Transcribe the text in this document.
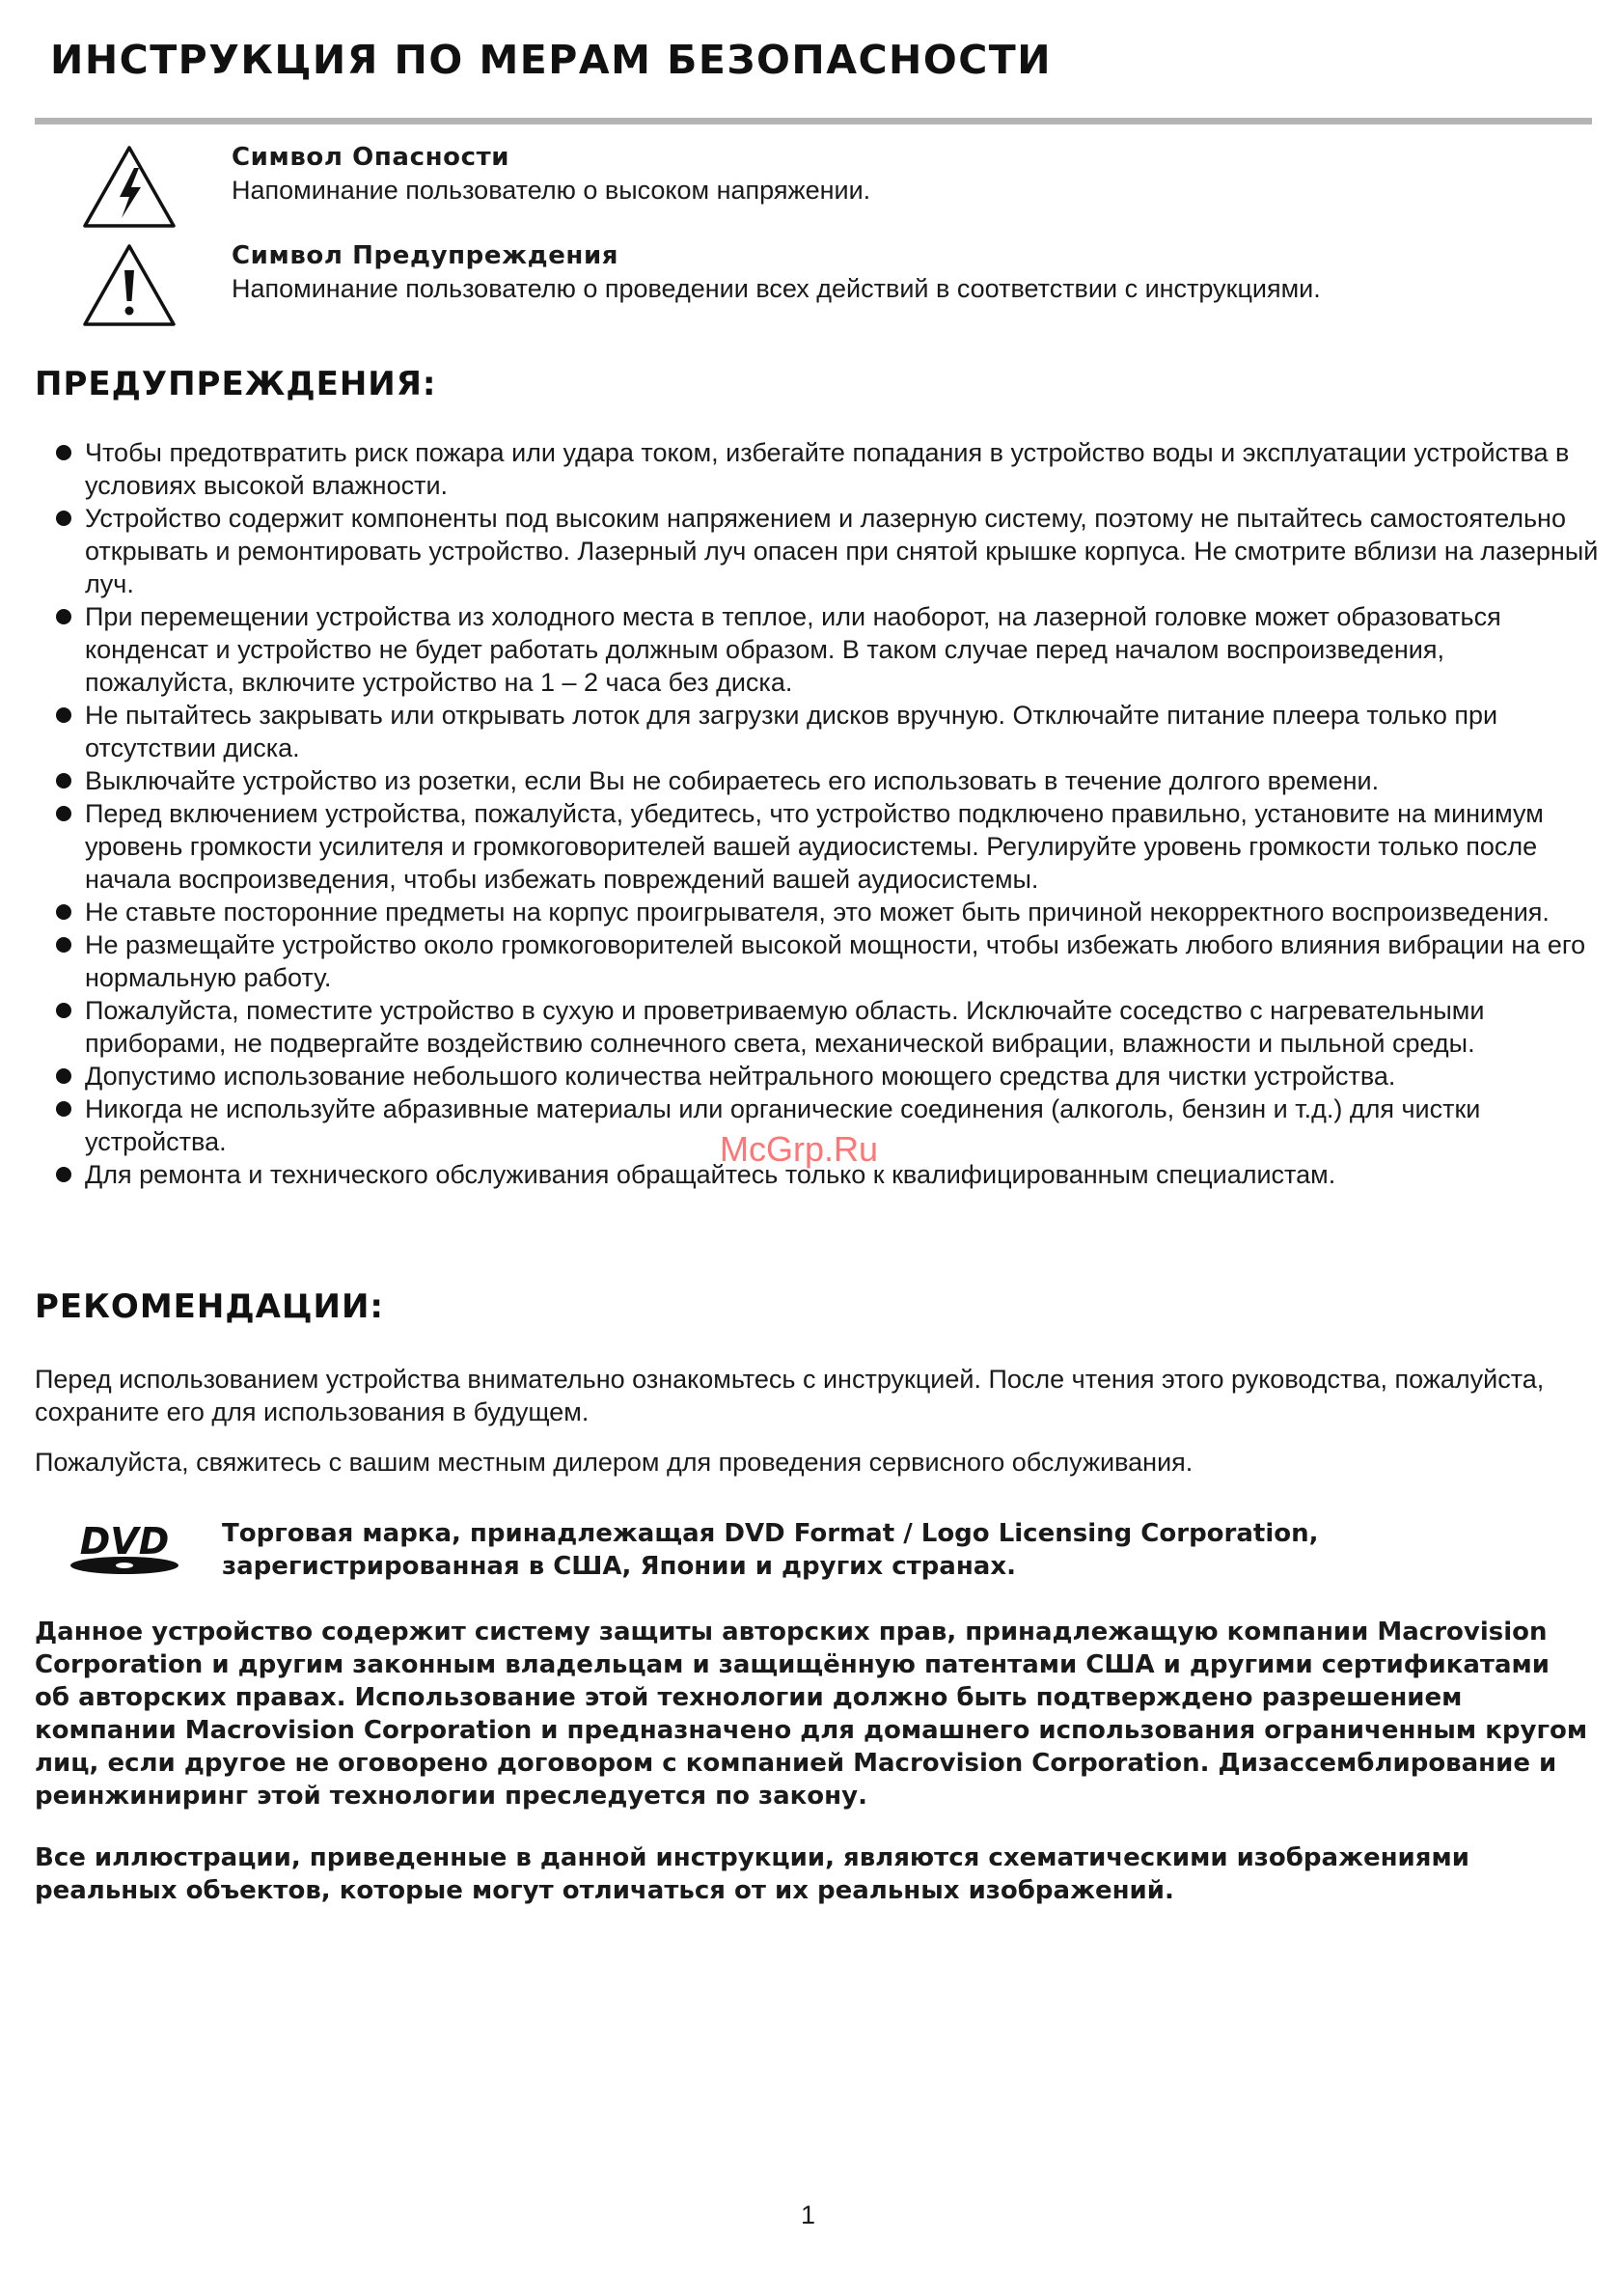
ИНСТРУКЦИЯ ПО МЕРАМ БЕЗОПАСНОСТИ

Символ Опасности

Напоминание пользователю о высоком напряжении.

Символ Предупреждения

Напоминание пользователю о проведении всех действий в соответствии с инструкциями.

ПРЕДУПРЕЖДЕНИЯ:
Чтобы предотвратить риск пожара или удара током, избегайте попадания в устройство воды и эксплуатации устройства в условиях высокой влажности.
Устройство содержит компоненты под высоким напряжением и лазерную систему, поэтому не пытайтесь самостоятельно открывать и ремонтировать устройство. Лазерный луч опасен при снятой крышке корпуса. Не смотрите вблизи на лазерный луч.
При перемещении устройства из холодного места в теплое, или наоборот, на лазерной головке может образоваться конденсат и устройство не будет работать должным образом. В таком случае перед началом воспроизведения, пожалуйста, включите устройство на 1 – 2 часа без диска.
Не пытайтесь закрывать или открывать лоток для загрузки дисков вручную. Отключайте питание плеера только при отсутствии диска.
Выключайте устройство из розетки, если Вы не собираетесь его использовать в течение долгого времени.
Перед включением устройства, пожалуйста, убедитесь, что устройство подключено правильно, установите на минимум уровень громкости усилителя и громкоговорителей вашей аудиосистемы. Регулируйте уровень громкости только после начала воспроизведения, чтобы избежать повреждений вашей аудиосистемы.
Не ставьте посторонние предметы на корпус проигрывателя, это может быть причиной некорректного воспроизведения.
Не размещайте устройство около громкоговорителей высокой мощности, чтобы избежать любого влияния вибрации на его нормальную работу.
Пожалуйста, поместите устройство в сухую и проветриваемую область. Исключайте соседство с нагревательными приборами, не подвергайте воздействию солнечного света, механической вибрации, влажности и пыльной среды.
Допустимо использование небольшого количества нейтрального моющего средства для чистки устройства.
Никогда не используйте абразивные материалы или органические соединения (алкоголь, бензин и т.д.) для чистки устройства.
Для ремонта и технического обслуживания обращайтесь только к квалифицированным специалистам.

McGrp.Ru

РЕКОМЕНДАЦИИ:

Перед использованием устройства внимательно ознакомьтесь с инструкцией. После чтения этого руководства, пожалуйста, сохраните его для использования в будущем.

Пожалуйста, свяжитесь с вашим местным дилером для проведения сервисного обслуживания.

DVD Торговая марка, принадлежащая DVD Format / Logo Licensing Corporation, зарегистрированная в США, Японии и других странах.

Данное устройство содержит систему защиты авторских прав, принадлежащую компании Macrovision Corporation и другим законным владельцам и защищённую патентами США и другими сертификатами об авторских правах. Использование этой технологии должно быть подтверждено разрешением компании Macrovision Corporation и предназначено для домашнего использования ограниченным кругом лиц, если другое не оговорено договором с компанией Macrovision Corporation. Дизассемблирование и реинжиниринг этой технологии преследуется по закону.

Все иллюстрации, приведенные в данной инструкции, являются схематическими изображениями реальных объектов, которые могут отличаться от их реальных изображений.

1
